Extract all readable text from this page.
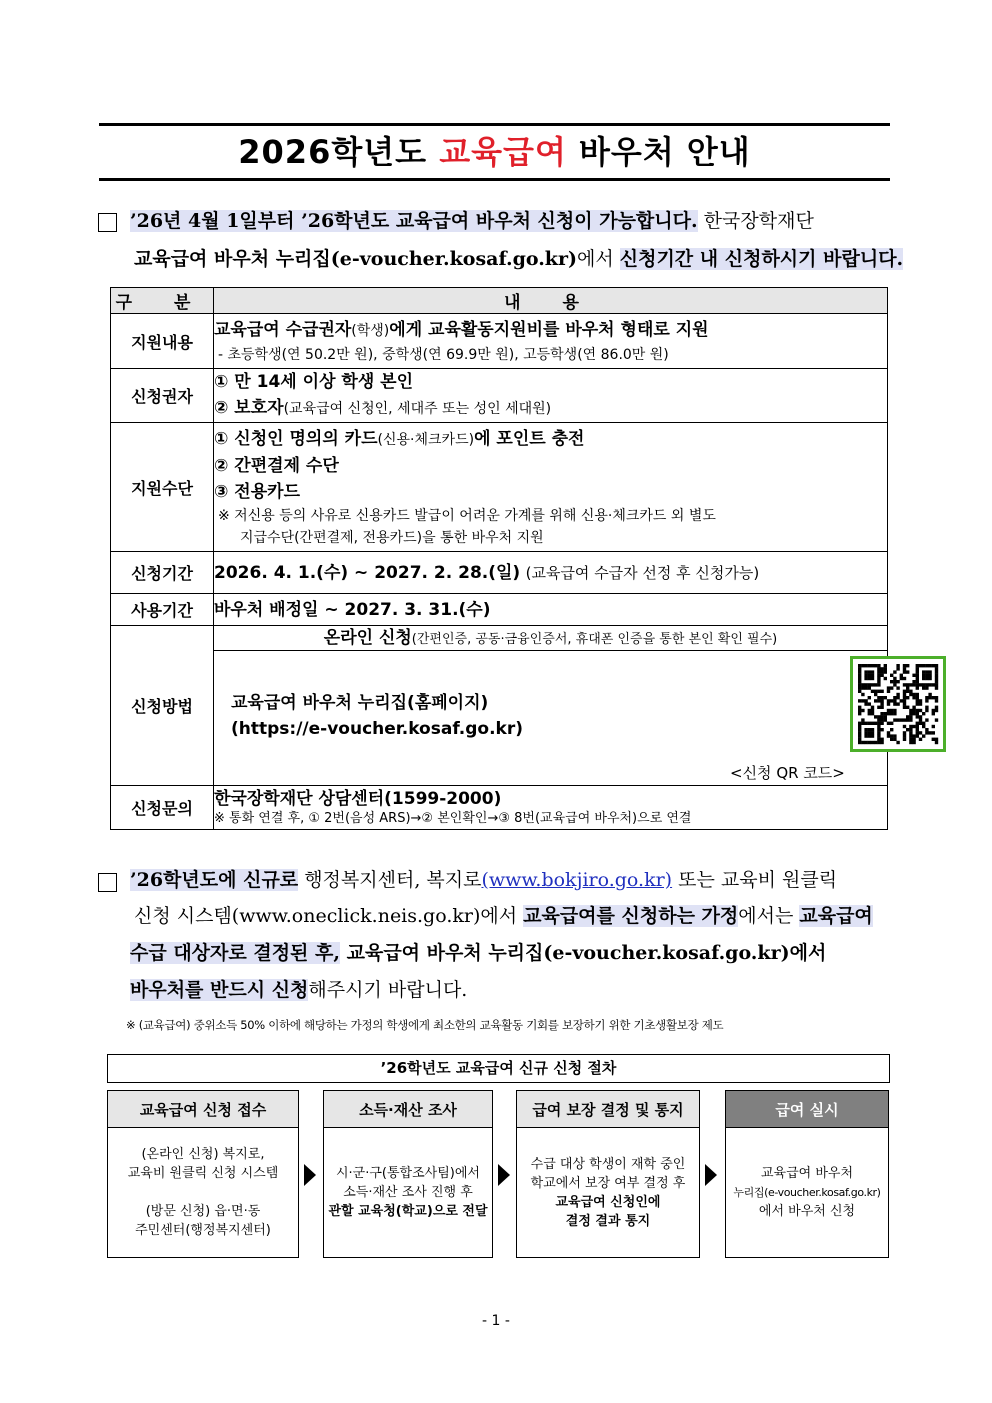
2026학년도 교육급여 바우처 안내
’26년 4월 1일부터 ’26학년도 교육급여 바우처 신청이 가능합니다. 한국장학재단
교육급여 바우처 누리집(e-voucher.kosaf.go.kr)에서 신청기간 내 신청하시기 바랍니다.
구 분	내 용
지원내용	교육급여 수급권자(학생)에게 교육활동지원비를 바우처 형태로 지원
- 초등학생(연 50.2만 원), 중학생(연 69.9만 원), 고등학생(연 86.0만 원)

신청권자	① 만 14세 이상 학생 본인
② 보호자(교육급여 신청인, 세대주 또는 성인 세대원)

지원수단	① 신청인 명의의 카드(신용·체크카드)에 포인트 충전
② 간편결제 수단
③ 전용카드
※ 저신용 등의 사유로 신용카드 발급이 어려운 가계를 위해 신용·체크카드 외 별도
지급수단(간편결제, 전용카드)을 통한 바우처 지원

신청기간	2026. 4. 1.(수) ~ 2027. 2. 28.(일) (교육급여 수급자 선정 후 신청가능)

사용기간	바우처 배정일 ~ 2027. 3. 31.(수)

신청방법	온라인 신청(간편인증, 공동·금융인증서, 휴대폰 인증을 통한 본인 확인 필수)
교육급여 바우처 누리집(홈페이지)
(https://e-voucher.kosaf.go.kr)
<신청 QR 코드>

신청문의	한국장학재단 상담센터(1599-2000)
※ 통화 연결 후, ① 2번(음성 ARS)→② 본인확인→③ 8번(교육급여 바우처)으로 연결
’26학년도에 신규로 행정복지센터, 복지로(www.bokjiro.go.kr) 또는 교육비 원클릭
신청 시스템(www.oneclick.neis.go.kr)에서 교육급여를 신청하는 가정에서는 교육급여
수급 대상자로 결정된 후, 교육급여 바우처 누리집(e-voucher.kosaf.go.kr)에서
바우처를 반드시 신청해주시기 바랍니다.
※ (교육급여) 중위소득 50% 이하에 해당하는 가정의 학생에게 최소한의 교육활동 기회를 보장하기 위한 기초생활보장 제도
’26학년도 교육급여 신규 신청 절차
교육급여 신청 접수
(온라인 신청) 복지로,
교육비 원클릭 신청 시스템
(방문 신청) 읍·면·동
주민센터(행정복지센터)
소득·재산 조사
시·군·구(통합조사팀)에서
소득·재산 조사 진행 후
관할 교육청(학교)으로 전달
급여 보장 결정 및 통지
수급 대상 학생이 재학 중인
학교에서 보장 여부 결정 후
교육급여 신청인에
결정 결과 통지
급여 실시
교육급여 바우처
누리집(e-voucher.kosaf.go.kr)
에서 바우처 신청
- 1 -
